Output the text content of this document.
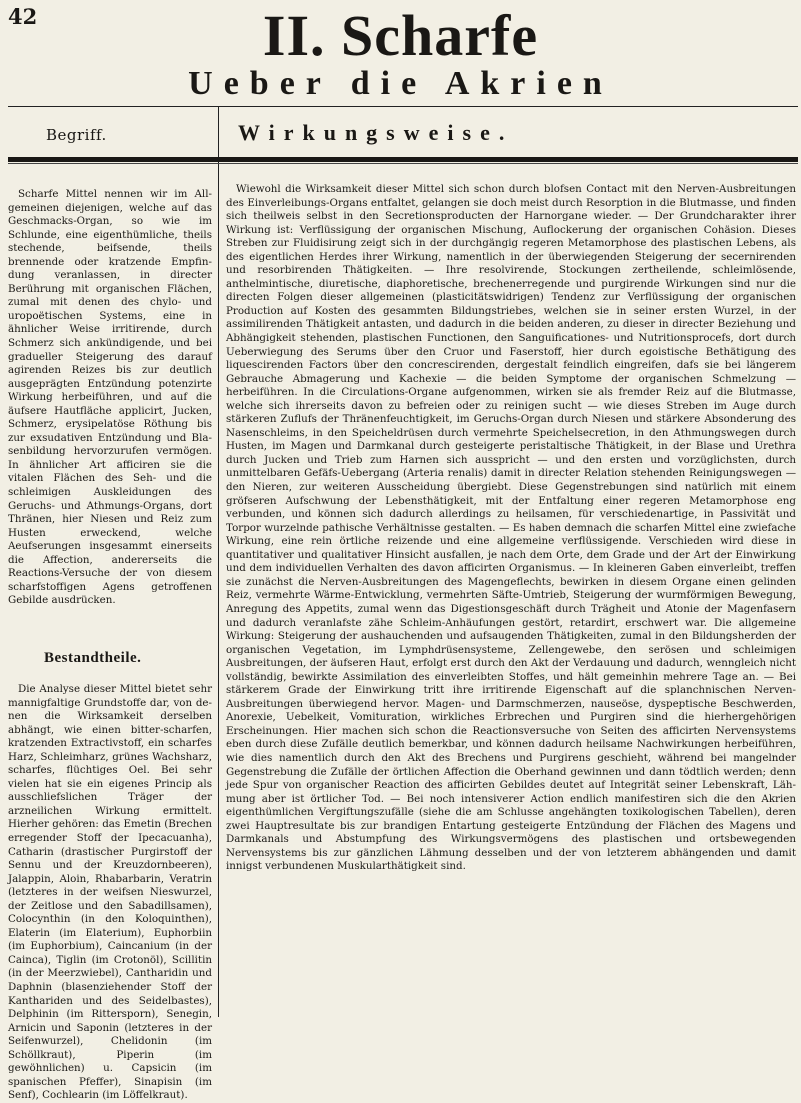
42	II. Scharfe
Ueber die Akrien
Begriff.	Wirkungsweise.

Scharfe Mittel nennen wir im Allgemeinen diejenigen, welche auf das Geschmacks-Organ, so wie im Schlunde, eine eigenthümliche, theils stechende, beifsende, theils brennende oder kratzende Empfindung veranlassen, in directer Berührung mit organischen Flächen, zumal mit denen des chylo- und uropoëtischen Systems, eine in ähnlicher Weise irritirende, durch Schmerz sich ankündigende, und bei gradueller Steigerung des darauf agirenden Reizes bis zur deutlich ausgeprägten Entzündung potenzirte Wirkung herbeiführen, und auf die äufsere Hautfläche applicirt, Jucken, Schmerz, erysipelatöse Röthung bis zur exsudativen Entzündung und Blasenbildung hervorzurufen vermögen. In ähnlicher Art afficiren sie die vitalen Flächen des Seh- und die schleimigen Auskleidungen des Geruchs- und Athmungs-Organs, dort Thränen, hier Niesen und Reiz zum Husten erweckend, welche Aeufserungen insgesammt einerseits die Affection, andererseits die Reactions-Versuche der von diesem scharfstoffigen Agens getroffenen Gebilde ausdrücken.

Bestandtheile.

Die Analyse dieser Mittel bietet sehr mannigfaltige Grundstoffe dar, von denen die Wirksamkeit derselben abhängt, wie einen bitter-scharfen, kratzenden Extractivstoff, ein scharfes Harz, Schleimharz, grünes Wachsharz, scharfes, flüchtiges Oel. Bei sehr vielen hat sie ein eigenes Princip als ausschliefslichen Träger der arzneilichen Wirkung ermittelt. Hierher gehören: das Emetin (Brechen erregender Stoff der Ipecacuanha), Catharin (drastischer Purgirstoff der Sennu und der Kreuzdornbeeren), Jalappin, Aloin, Rhabarbarin, Veratrin (letzteres in der weifsen Nieswurzel, der Zeitlose und den Sabadillsamen), Colocynthin (in den Koloquinthen), Elaterin (im Elaterium), Euphorbiin (im Euphorbium), Caincanium (in der Cainca), Tiglin (im Crotonöl), Scillitin (in der Meerzwiebel), Cantharidin und Daphnin (blasenziehender Stoff der Kanthariden und des Seidelbastes), Delphinin (im Rittersporn), Senegin, Arnicin und Saponin (letzteres in der Seifenwurzel), Chelidonin (im Schöllkraut), Piperin (im gewöhnlichen) u. Capsicin (im spanischen Pfeffer), Sinapisin (im Senf), Cochlearin (im Löffelkraut).

Wiewohl die Wirksamkeit dieser Mittel sich schon durch blofsen Contact mit den Nerven-Ausbreitungen des Einverleibungs-Organs entfaltet, gelangen sie doch meist durch Resorption in die Blutmasse, und finden sich theilweis selbst in den Secretionsproducten der Harnorgane wieder. — Der Grundcharakter ihrer Wirkung ist: Verflüssigung der organischen Mischung, Auflockerung der organischen Cohäsion. Dieses Streben zur Fluidisirung zeigt sich in der durchgängig regeren Metamorphose des plastischen Lebens, als des eigentlichen Herdes ihrer Wirkung, namentlich in der überwiegenden Steigerung der secernirenden und resorbirenden Thätigkeiten. — Ihre resolvirende, Stockungen zertheilende, schleimlösende, anthelmintische, diuretische, diaphoretische, brechenerregende und purgirende Wirkungen sind nur die directen Folgen dieser allgemeinen (plasticitätswidrigen) Tendenz zur Verflüssigung der organischen Production auf Kosten des gesammten Bildungstriebes, welchen sie in seiner ersten Wurzel, in der assimilirenden Thätigkeit antasten, und dadurch in die beiden anderen, zu dieser in directer Beziehung und Abhängigkeit stehenden, plastischen Functionen, den Sanguificationes- und Nutritionsprocefs, dort durch Ueberwiegung des Serums über den Cruor und Faserstoff, hier durch egoistische Bethätigung des liquescirenden Factors über den concrescirenden, dergestalt feindlich eingreifen, dafs sie bei längerem Gebrauche Abmagerung und Kachexie — die beiden Symptome der organischen Schmelzung — herbeiführen. In die Circulations-Organe aufgenommen, wirken sie als fremder Reiz auf die Blutmasse, welche sich ihrerseits davon zu befreien oder zu reinigen sucht — wie dieses Streben im Auge durch stärkeren Zuflufs der Thränenfeuchtigkeit, im Geruchs-Organ durch Niesen und stärkere Absonderung des Nasenschleims, in den Speicheldrüsen durch vermehrte Speichelsecretion, in den Athmungswegen durch Husten, im Magen und Darmkanal durch gesteigerte peristaltische Thätigkeit, in der Blase und Urethra durch Jucken und Trieb zum Harnen sich ausspricht — und den ersten und vorzüglichsten, durch unmittelbaren Gefäfs-Uebergang (Arteria renalis) damit in directer Relation stehenden Reinigungswegen — den Nieren, zur weiteren Ausscheidung übergiebt. Diese Gegenstrebungen sind natürlich mit einem gröfseren Aufschwung der Lebensthätigkeit, mit der Entfaltung einer regeren Metamorphose eng verbunden, und können sich dadurch allerdings zu heilsamen, für verschiedenartige, in Passivität und Torpor wurzelnde pathische Verhältnisse gestalten. — Es haben demnach die scharfen Mittel eine zwiefache Wirkung, eine rein örtliche reizende und eine allgemeine verflüssigende. Verschieden wird diese in quantitativer und qualitativer Hinsicht ausfallen, je nach dem Orte, dem Grade und der Art der Einwirkung und dem individuellen Verhalten des davon afficirten Organismus. — In kleineren Gaben einverleibt, treffen sie zunächst die Nerven-Ausbreitungen des Magengeflechts, bewirken in diesem Organe einen gelinden Reiz, vermehrte Wärme-Entwicklung, vermehrten Säfte-Umtrieb, Steigerung der wurmförmigen Bewegung, Anregung des Appetits, zumal wenn das Digestionsgeschäft durch Trägheit und Atonie der Magenfasern und dadurch veranlafste zähe Schleim-Anhäufungen gestört, retardirt, erschwert war. Die allgemeine Wirkung: Steigerung der aushauchenden und aufsaugenden Thätigkeiten, zumal in den Bildungsherden der organischen Vegetation, im Lymphdrüsensysteme, Zellengewebe, den serösen und schleimigen Ausbreitungen, der äufseren Haut, erfolgt erst durch den Akt der Verdauung und dadurch, wenngleich nicht vollständig, bewirkte Assimilation des einverleibten Stoffes, und hält gemeinhin mehrere Tage an. — Bei stärkerem Grade der Einwirkung tritt ihre irritirende Eigenschaft auf die splanchnischen Nerven-Ausbreitungen überwiegend hervor. Magen- und Darmschmerzen, nauseöse, dyspeptische Beschwerden, Anorexie, Uebelkeit, Vomituration, wirkliches Erbrechen und Purgiren sind die hierhergehörigen Erscheinungen. Hier machen sich schon die Reactionsversuche von Seiten des afficirten Nervensystems eben durch diese Zufälle deutlich bemerkbar, und können dadurch heilsame Nachwirkungen herbeiführen, wie dies namentlich durch den Akt des Brechens und Purgirens geschieht, während bei mangelnder Gegenstrebung die Zufälle der örtlichen Affection die Oberhand gewinnen und dann tödtlich werden; denn jede Spur von organischer Reaction des afficirten Gebildes deutet auf Integrität seiner Lebenskraft, Lähmung aber ist örtlicher Tod. — Bei noch intensiverer Action endlich manifestiren sich die den Akrien eigenthümlichen Vergiftungszufälle (siehe die am Schlusse angehängten toxikologischen Tabellen), deren zwei Hauptresultate bis zur brandigen Entartung gesteigerte Entzündung der Flächen des Magens und Darmkanals und Abstumpfung des Wirkungsvermögens des plastischen und ortsbewegenden Nervensystems bis zur gänzlichen Lähmung desselben und der von letzterem abhängenden und damit innigst verbundenen Muskularthätigkeit sind.
